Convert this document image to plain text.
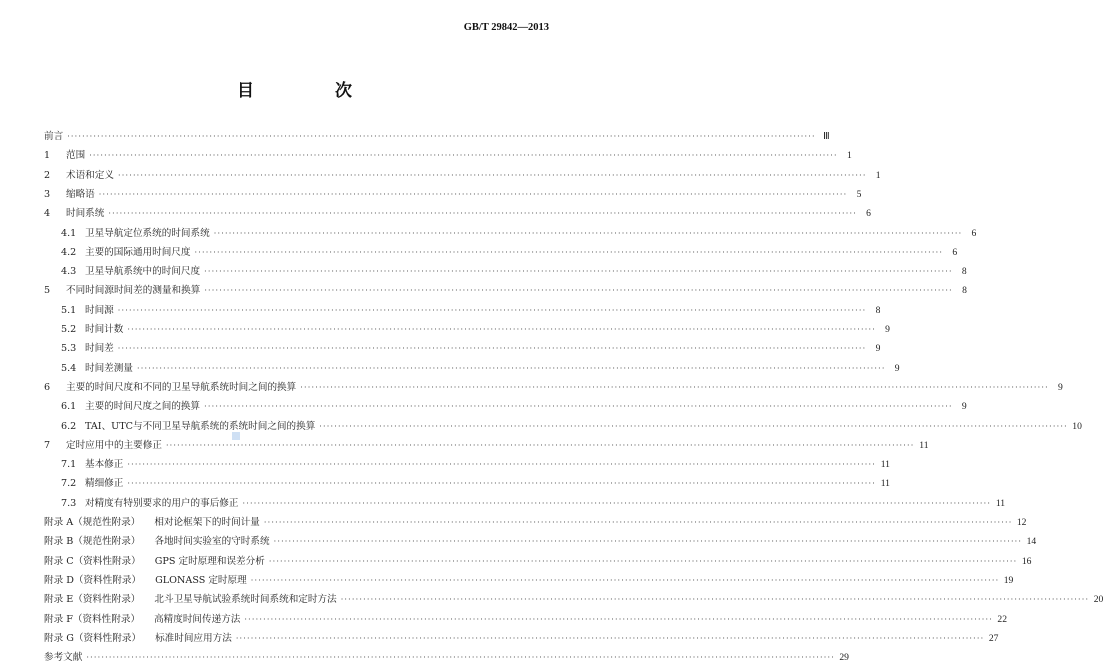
GB/T 29842—2013
目　次
前言 ········································································································································································································ Ⅲ
1	范围 ········································································································································································································ 1
2	术语和定义 ········································································································································································································ 1
3	缩略语 ········································································································································································································ 5
4	时间系统 ········································································································································································································ 6
4.1 卫星导航定位系统的时间系统 ········································································································································································································ 6
4.2 主要的国际通用时间尺度 ········································································································································································································ 6
4.3 卫星导航系统中的时间尺度 ········································································································································································································ 8
5	不同时间源时间差的测量和换算 ········································································································································································································ 8
5.1 时间源 ········································································································································································································ 8
5.2 时间计数 ········································································································································································································ 9
5.3 时间差 ········································································································································································································ 9
5.4 时间差测量 ········································································································································································································ 9
6	主要的时间尺度和不同的卫星导航系统时间之间的换算 ········································································································································································································ 9
6.1 主要的时间尺度之间的换算 ········································································································································································································ 9
6.2 TAI、UTC与不同卫星导航系统的系统时间之间的换算 ········································································································································································································ 10
7	定时应用中的主要修正 ········································································································································································································ 11
7.1 基本修正 ········································································································································································································ 11
7.2 精细修正 ········································································································································································································ 11
7.3 对精度有特别要求的用户的事后修正 ········································································································································································································ 11
附录 A（规范性附录） 相对论框架下的时间计量 ········································································································································································································ 12
附录 B（规范性附录） 各地时间实验室的守时系统 ········································································································································································································ 14
附录 C（资料性附录） GPS 定时原理和误差分析 ········································································································································································································ 16
附录 D（资料性附录） GLONASS 定时原理 ········································································································································································································ 19
附录 E（资料性附录） 北斗卫星导航试验系统时间系统和定时方法 ········································································································································································································ 20
附录 F（资料性附录） 高精度时间传递方法 ········································································································································································································ 22
附录 G（资料性附录） 标准时间应用方法 ········································································································································································································ 27
参考文献 ········································································································································································································ 29
